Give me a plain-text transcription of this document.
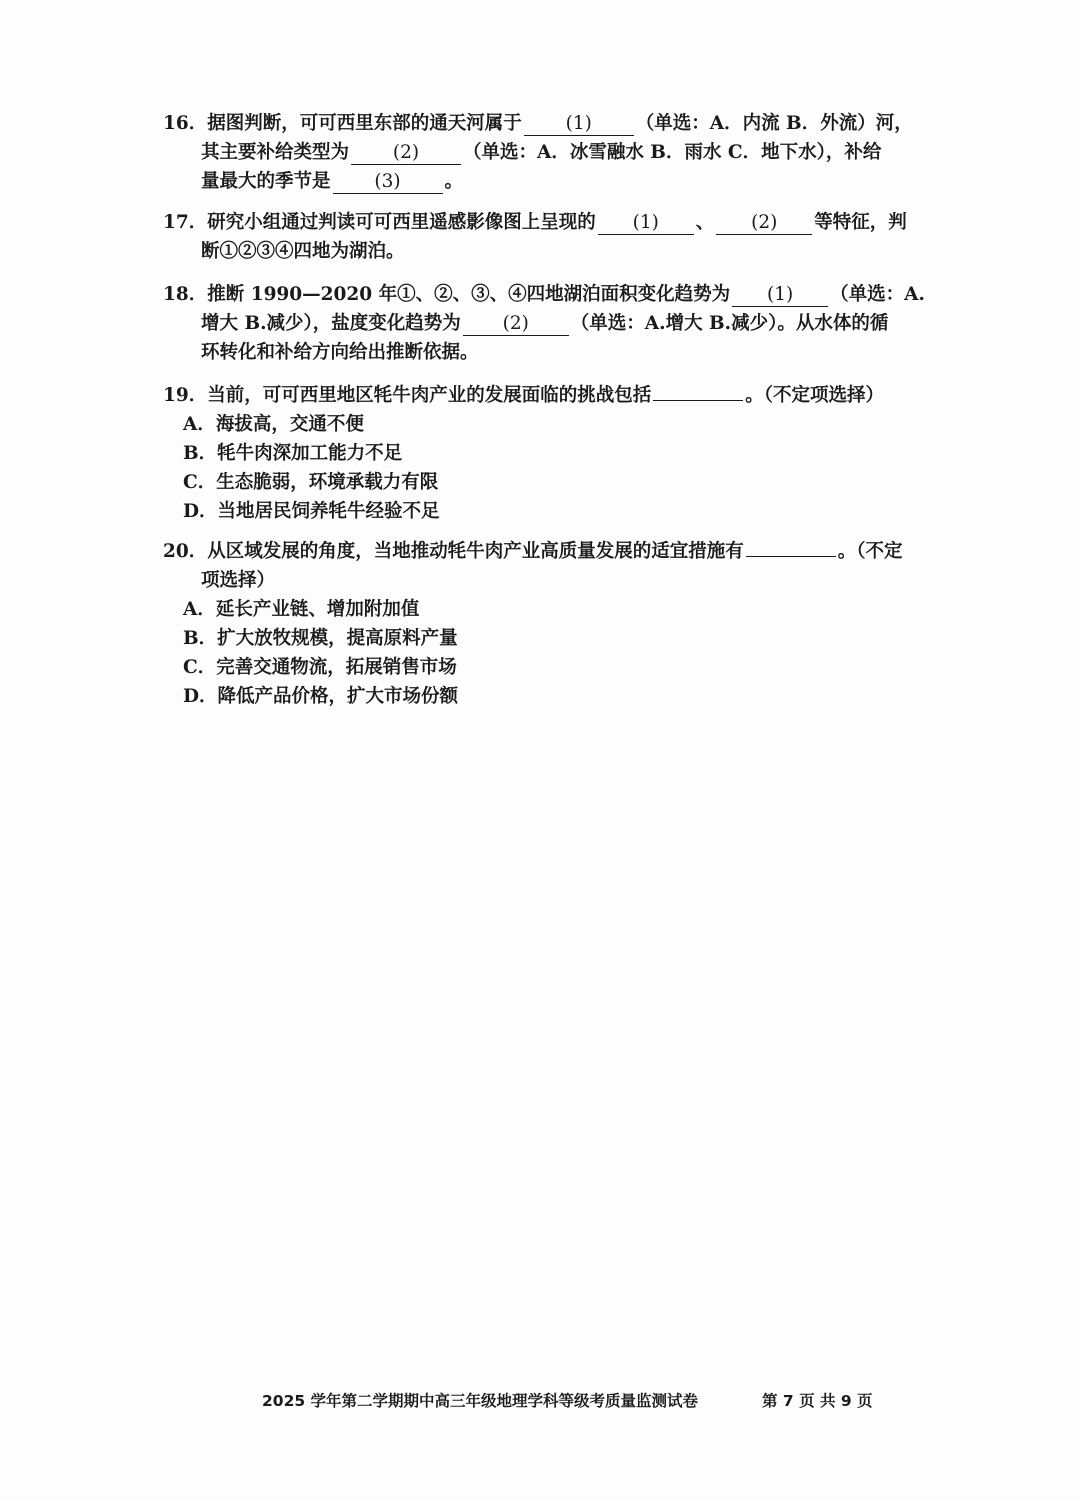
16．据图判断，可可西里东部的通天河属于 (1) （单选：A．内流 B．外流）河，
其主要补给类型为 (2) （单选：A．冰雪融水 B．雨水 C．地下水），补给
量最大的季节是 (3) 。
17．研究小组通过判读可可西里遥感影像图上呈现的 (1) 、 (2) 等特征，判
断①②③④四地为湖泊。
18．推断 1990—2020 年①、②、③、④四地湖泊面积变化趋势为 (1) （单选：A.
增大 B.减少），盐度变化趋势为 (2) （单选：A.增大 B.减少）。从水体的循
环转化和补给方向给出推断依据。
19．当前，可可西里地区牦牛肉产业的发展面临的挑战包括	。（不定项选择）
A．海拔高，交通不便
B．牦牛肉深加工能力不足
C．生态脆弱，环境承载力有限
D．当地居民饲养牦牛经验不足
20．从区域发展的角度，当地推动牦牛肉产业高质量发展的适宜措施有	。（不定
项选择）
A．延长产业链、增加附加值
B．扩大放牧规模，提高原料产量
C．完善交通物流，拓展销售市场
D．降低产品价格，扩大市场份额
2025 学年第二学期期中高三年级地理学科等级考质量监测试卷	第 7 页 共 9 页
